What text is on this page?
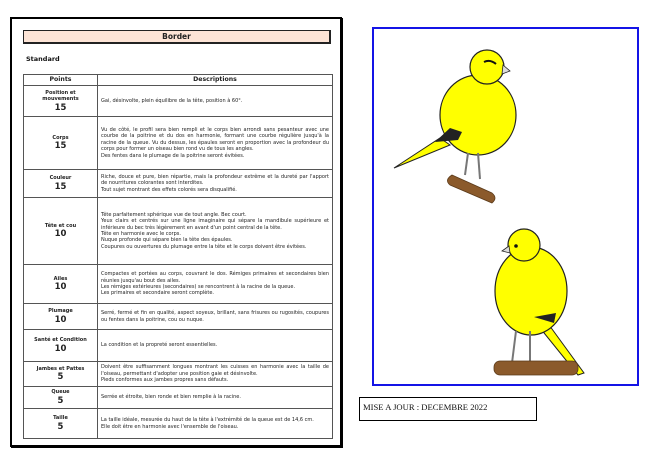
Border
Standard
Points	Descriptions

Position et mouvements
15	Gai, désinvolte, plein équilibre de la tête, position à 60°.

Corps
15	Vu de côté, le profil sera bien rempli et le corps bien arrondi sans pesanteur avec une courbe de la poitrine et du dos en harmonie, formant une courbe régulière jusqu'à la racine de la queue. Vu du dessus, les épaules seront en proportion avec la profondeur du corps pour former un oiseau bien rond vu de tous les angles.
Des fentes dans le plumage de la poitrine seront évitées.

Couleur
15	Riche, douce et pure, bien répartie, mais la profondeur extrême et la dureté par l'apport de nourritures colorantes sont interdites.
Tout sujet montrant des effets colorés sera disqualifié.

Tête et cou
10	Tête parfaitement sphérique vue de tout angle. Bec court.
Yeux clairs et centrés sur une ligne imaginaire qui sépare la mandibule supérieure et inférieure du bec très légèrement en avant d'un point central de la tête.
Tête en harmonie avec le corps.
Nuque profonde qui sépare bien la tête des épaules.
Coupures ou ouvertures du plumage entre la tête et le corps doivent être évitées.

Ailes
10	Compactes et portées au corps, couvrant le dos. Rémiges primaires et secondaires bien réunies jusqu'au bout des ailes.
Les rémiges extérieures (secondaires) se rencontrent à la racine de la queue.
Les primaires et secondaire seront complète.

Plumage
10	Serré, fermé et fin en qualité, aspect soyeux, brillant, sans frisures ou rugosités, coupures ou fentes dans la poitrine, cou ou nuque.

Santé et Condition
10	La condition et la propreté seront essentielles.

Jambes et Pattes
5	Doivent être suffisamment longues montrant les cuisses en harmonie avec la taille de l'oiseau, permettant d'adopter une position gaie et désinvolte.
Pieds conformes aux jambes propres sans défauts.

Queue
5	Serrée et étroite, bien ronde et bien remplie à la racine.

Taille
5	La taille idéale, mesurée du haut de la tête à l'extrémité de la queue est de 14,6 cm.
Elle doit être en harmonie avec l'ensemble de l'oiseau.
MISE A JOUR : DECEMBRE 2022
